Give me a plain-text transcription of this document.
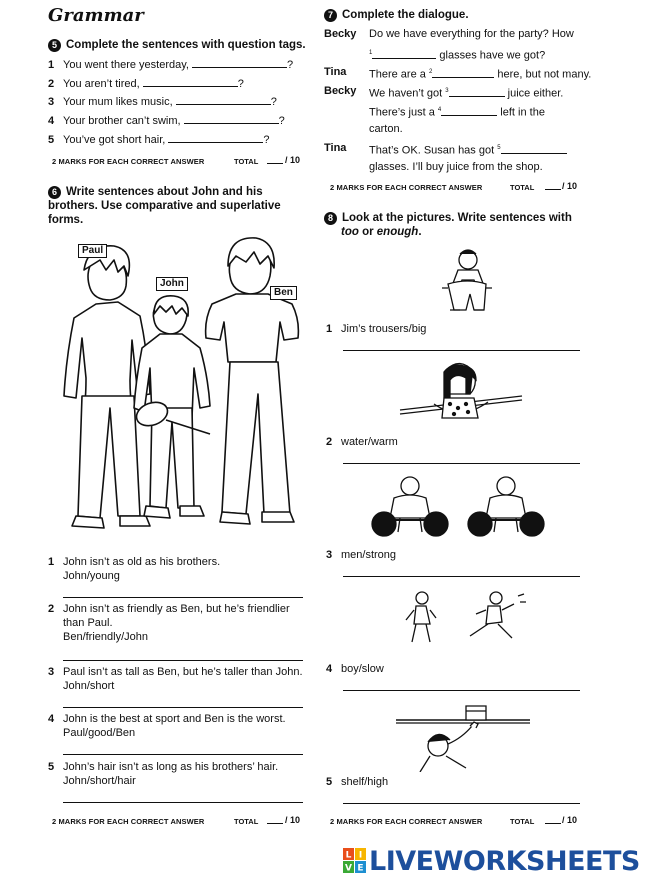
Grammar
5 Complete the sentences with question tags.
1 You went there yesterday,	?
2 You aren’t tired,	?
3 Your mum likes music,	?
4 Your brother can’t swim,	?
5 You’ve got short hair,	?
2 MARKS FOR EACH CORRECT ANSWER	TOTAL	/ 10
6 Write sentences about John and his brothers. Use comparative and superlative forms.
Paul
John
Ben
1 John isn’t as old as his brothers.
John/young
2 John isn’t as friendly as Ben, but he’s friendlier
than Paul.
Ben/friendly/John
3 Paul isn’t as tall as Ben, but he’s taller than John.
John/short
4 John is the best at sport and Ben is the worst.
Paul/good/Ben
5 John’s hair isn’t as long as his brothers’ hair.
John/short/hair
2 MARKS FOR EACH CORRECT ANSWER	TOTAL	/ 10
7 Complete the dialogue.
Becky Do we have everything for the party? How
$^1$	glasses have we got?
Tina There are a $^2$	here, but not many.
Becky We haven’t got $^3$	juice either.
There’s just a $^4$	left in the
carton.
Tina That’s OK. Susan has got $^5$
glasses. I’ll buy juice from the shop.
2 MARKS FOR EACH CORRECT ANSWER	TOTAL	/ 10
8 Look at the pictures. Write sentences with
too or enough.
1 Jim’s trousers/big
2 water/warm
3 men/strong
4 boy/slow
5 shelf/high
2 MARKS FOR EACH CORRECT ANSWER	TOTAL	/ 10
L I
V E LIVEWORKSHEETS
